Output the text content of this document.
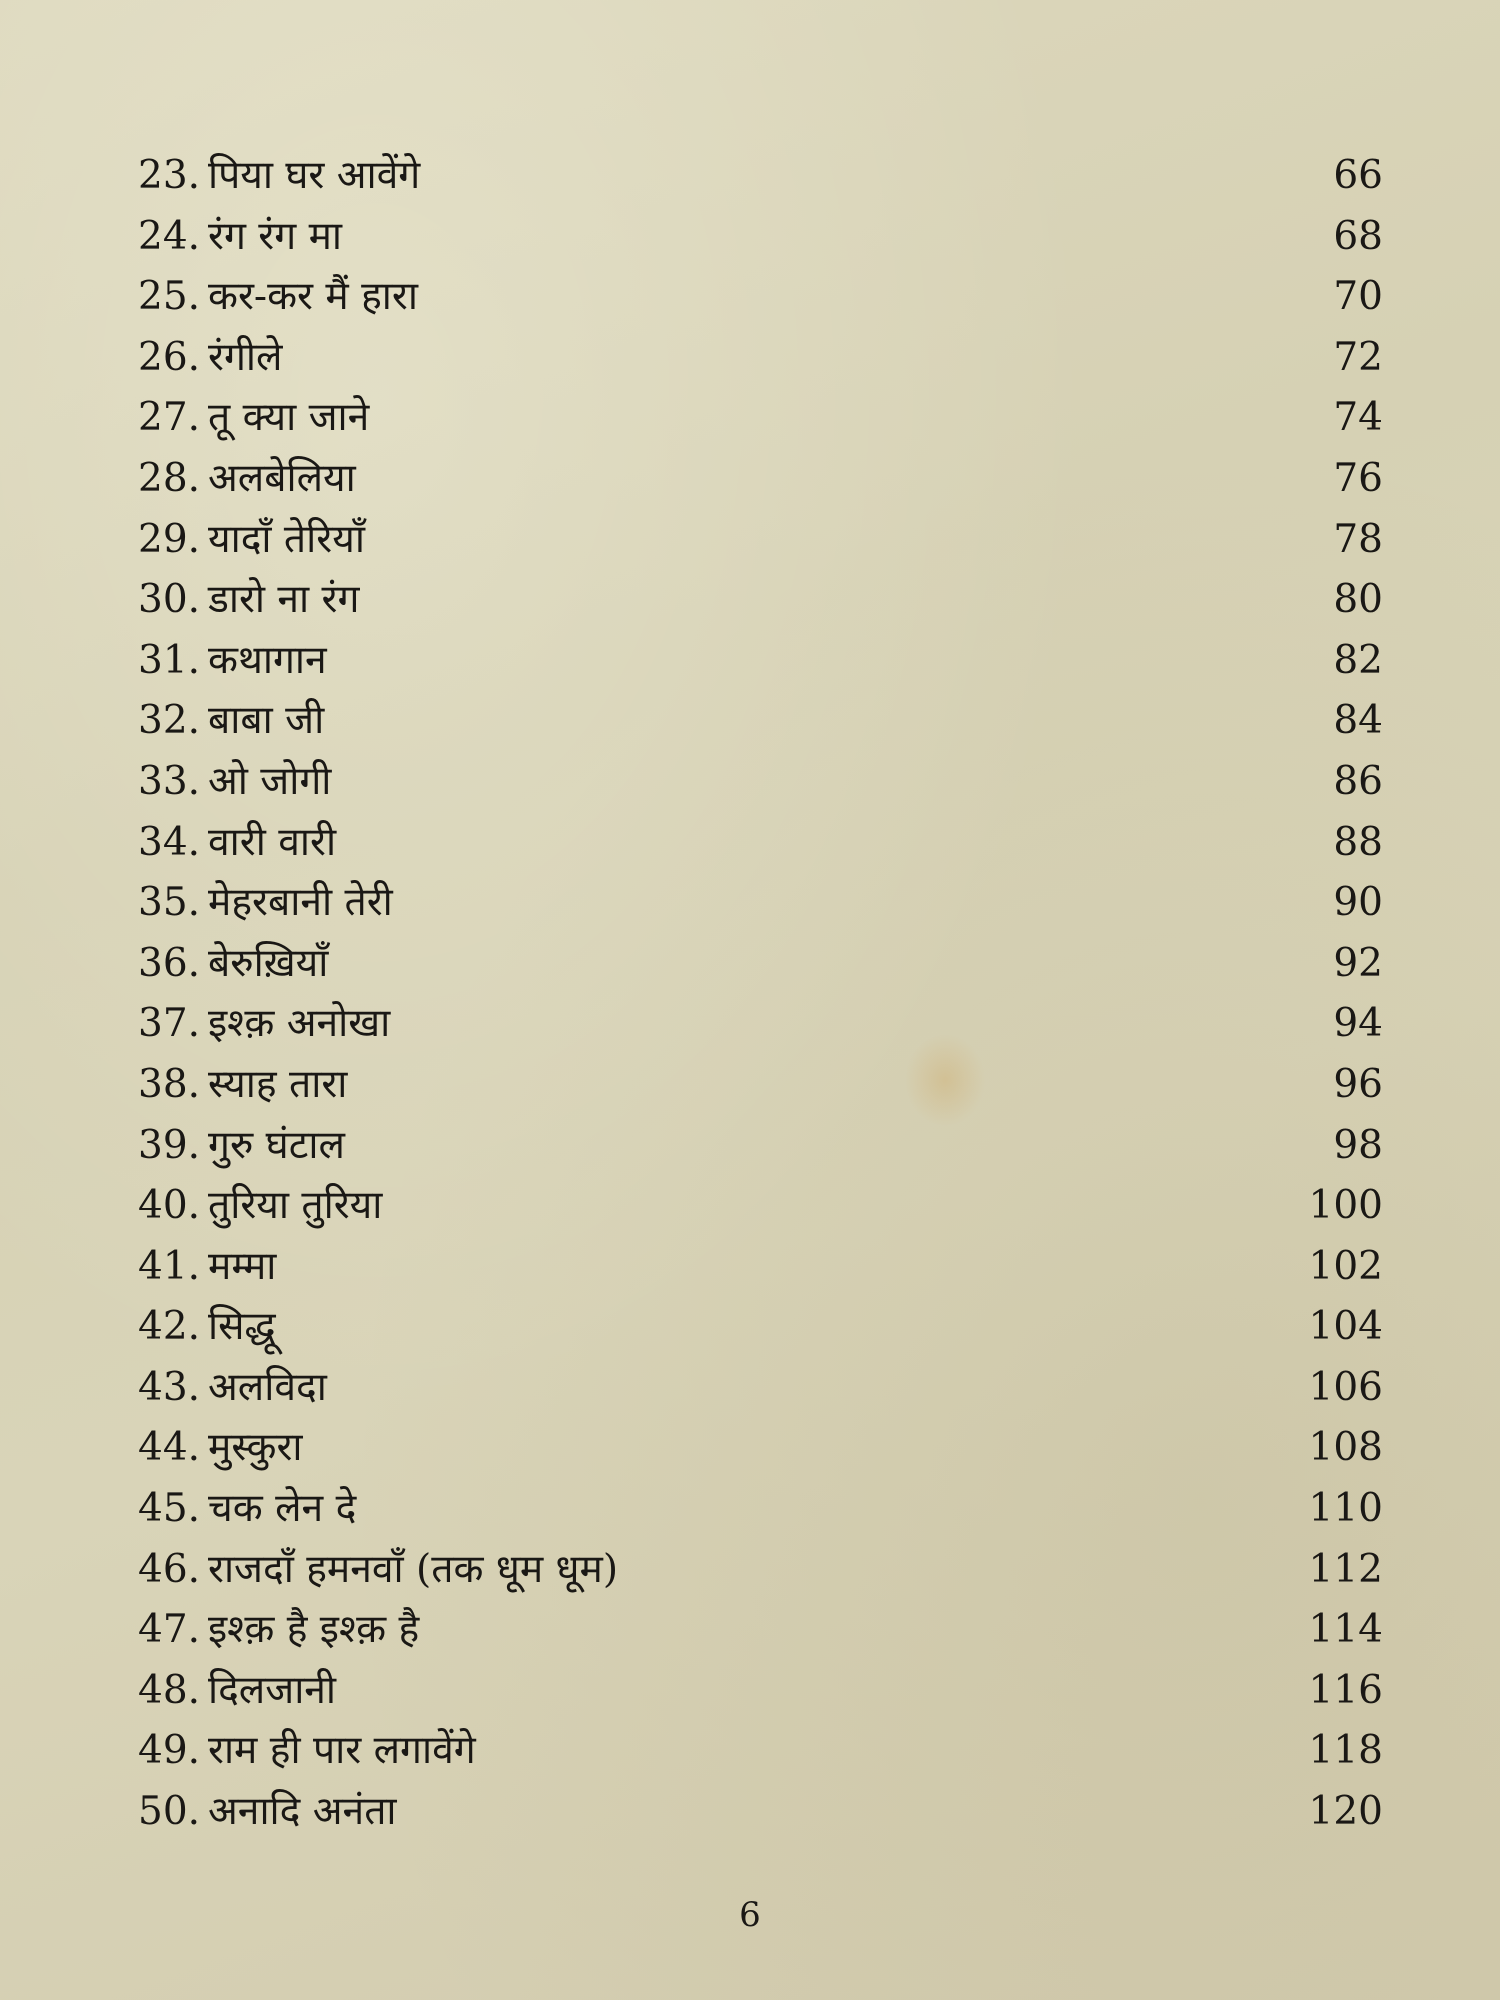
23. पिया घर आवेंगे	66
24. रंग रंग मा	68
25. कर-कर मैं हारा	70
26. रंगीले	72
27. तू क्या जाने	74
28. अलबेलिया	76
29. यादाँ तेरियाँ	78
30. डारो ना रंग	80
31. कथागान	82
32. बाबा जी	84
33. ओ जोगी	86
34. वारी वारी	88
35. मेहरबानी तेरी	90
36. बेरुख़ियाँ	92
37. इश्क़ अनोखा	94
38. स्याह तारा	96
39. गुरु घंटाल	98
40. तुरिया तुरिया	100
41. मम्मा	102
42. सिद्धू	104
43. अलविदा	106
44. मुस्कुरा	108
45. चक लेन दे	110
46. राजदाँ हमनवाँ (तक धूम धूम)	112
47. इश्क़ है इश्क़ है	114
48. दिलजानी	116
49. राम ही पार लगावेंगे	118
50. अनादि अनंता	120
6
